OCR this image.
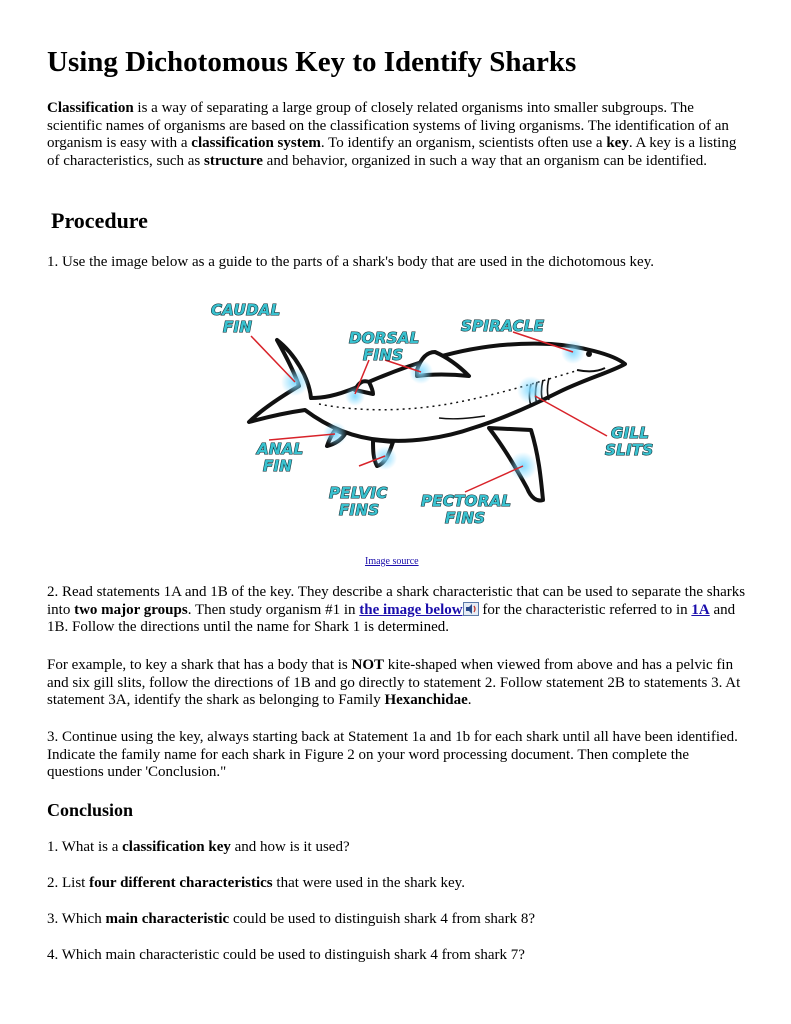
Using Dichotomous Key to Identify Sharks

Classification is a way of separating a large group of closely related organisms into smaller subgroups. The scientific names of organisms are based on the classification systems of living organisms. The identification of an organism is easy with a classification system. To identify an organism, scientists often use a key. A key is a listing of characteristics, such as structure and behavior, organized in such a way that an organism can be identified.

Procedure

1. Use the image below as a guide to the parts of a shark's body that are used in the dichotomous key.

CAUDAL
FIN
DORSAL
FINS
SPIRACLE
ANAL
FIN
PELVIC
FINS	PECTORAL
FINS
GILL
SLITS
Image source

2. Read statements 1A and 1B of the key. They describe a shark characteristic that can be used to separate the sharks into two major groups. Then study organism #1 in the image below for the characteristic referred to in 1A and 1B. Follow the directions until the name for Shark 1 is determined.

For example, to key a shark that has a body that is NOT kite-shaped when viewed from above and has a pelvic fin and six gill slits, follow the directions of 1B and go directly to statement 2. Follow statement 2B to statements 3. At statement 3A, identify the shark as belonging to Family Hexanchidae.

3. Continue using the key, always starting back at Statement 1a and 1b for each shark until all have been identified. Indicate the family name for each shark in Figure 2 on your word processing document. Then complete the questions under 'Conclusion."

Conclusion

1. What is a classification key and how is it used?

2. List four different characteristics that were used in the shark key.

3. Which main characteristic could be used to distinguish shark 4 from shark 8?

4. Which main characteristic could be used to distinguish shark 4 from shark 7?
